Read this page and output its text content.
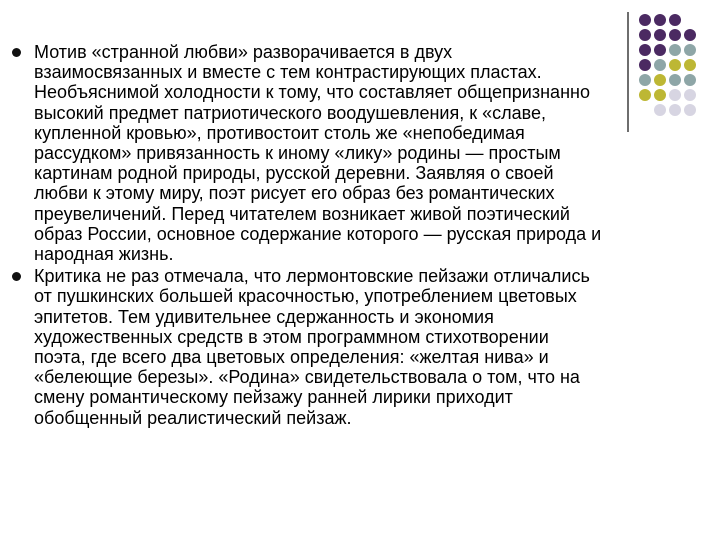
Мотив «странной любви» разворачивается в двух взаимосвязанных и вместе с тем контрастирующих пластах. Необъяснимой холодности к тому, что составляет общепризнанно высокий предмет патриотического воодушевления, к «славе, купленной кровью», противостоит столь же «непобедимая рассудком» привязанность к иному «лику» родины — простым картинам родной природы, русской деревни. Заявляя о своей любви к этому миру, поэт рисует его образ без романтических преувеличений. Перед читателем возникает живой поэтический образ России, основное содержание которого — русская природа и народная жизнь.
Критика не раз отмечала, что лермонтовские пейзажи отличались от пушкинских большей красочностью, употреблением цветовых эпитетов. Тем удивительнее сдержанность и экономия художественных средств в этом программном стихотворении поэта, где всего два цветовых определения: «желтая нива» и «белеющие березы». «Родина» свидетельствовала о том, что на смену романтическому пейзажу ранней лирики приходит обобщенный реалистический пейзаж.
